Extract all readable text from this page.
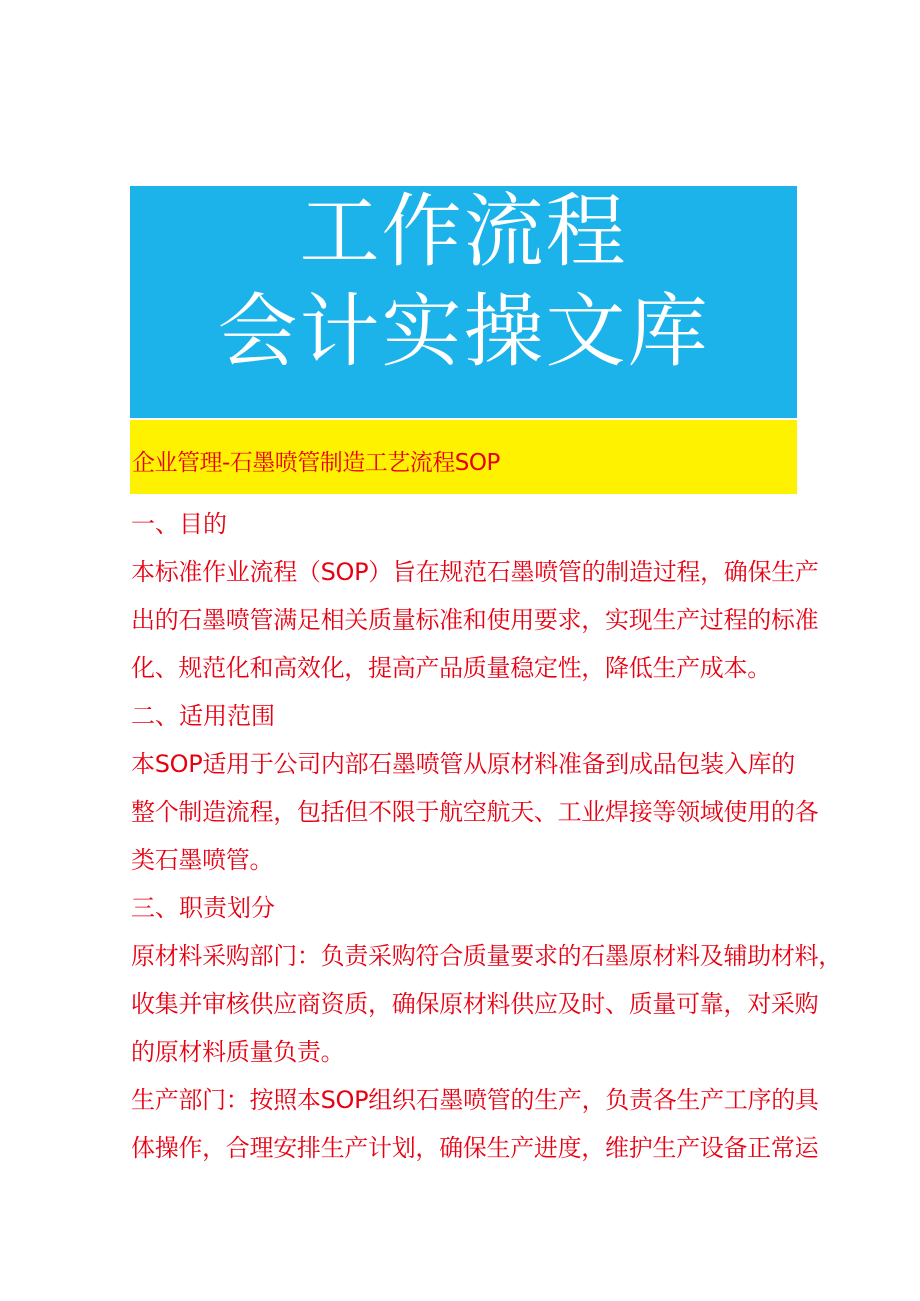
工作流程
会计实操文库
企业管理-石墨喷管制造工艺流程SOP
一、目的
本标准作业流程（SOP）旨在规范石墨喷管的制造过程，确保生产
出的石墨喷管满足相关质量标准和使用要求，实现生产过程的标准
化、规范化和高效化，提高产品质量稳定性，降低生产成本。
二、适用范围
本SOP适用于公司内部石墨喷管从原材料准备到成品包装入库的
整个制造流程，包括但不限于航空航天、工业焊接等领域使用的各
类石墨喷管。
三、职责划分
原材料采购部门：负责采购符合质量要求的石墨原材料及辅助材料，
收集并审核供应商资质，确保原材料供应及时、质量可靠，对采购
的原材料质量负责。
生产部门：按照本SOP组织石墨喷管的生产，负责各生产工序的具
体操作，合理安排生产计划，确保生产进度，维护生产设备正常运
